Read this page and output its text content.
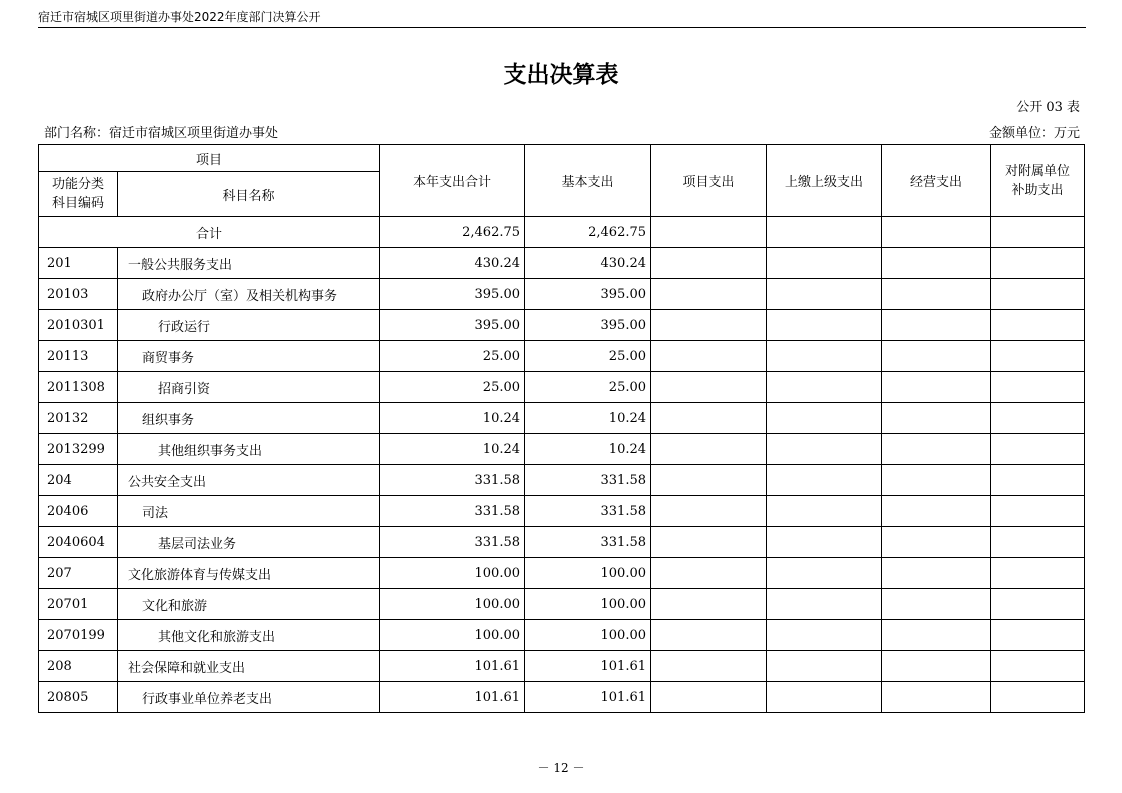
宿迁市宿城区项里街道办事处2022年度部门决算公开
支出决算表
公开 03 表
部门名称：宿迁市宿城区项里街道办事处	金额单位：万元
项目		本年支出合计	基本支出	项目支出	上缴上级支出	经营支出	对附属单位补助支出
功能分类科目编码	科目名称						
合计		2,462.75	2,462.75				
201	一般公共服务支出	430.24	430.24				
20103	政府办公厅（室）及相关机构事务	395.00	395.00				
2010301	行政运行	395.00	395.00				
20113	商贸事务	25.00	25.00				
2011308	招商引资	25.00	25.00				
20132	组织事务	10.24	10.24				
2013299	其他组织事务支出	10.24	10.24				
204	公共安全支出	331.58	331.58				
20406	司法	331.58	331.58				
2040604	基层司法业务	331.58	331.58				
207	文化旅游体育与传媒支出	100.00	100.00				
20701	文化和旅游	100.00	100.00				
2070199	其他文化和旅游支出	100.00	100.00				
208	社会保障和就业支出	101.61	101.61				
20805	行政事业单位养老支出	101.61	101.61				
－ 12 －
